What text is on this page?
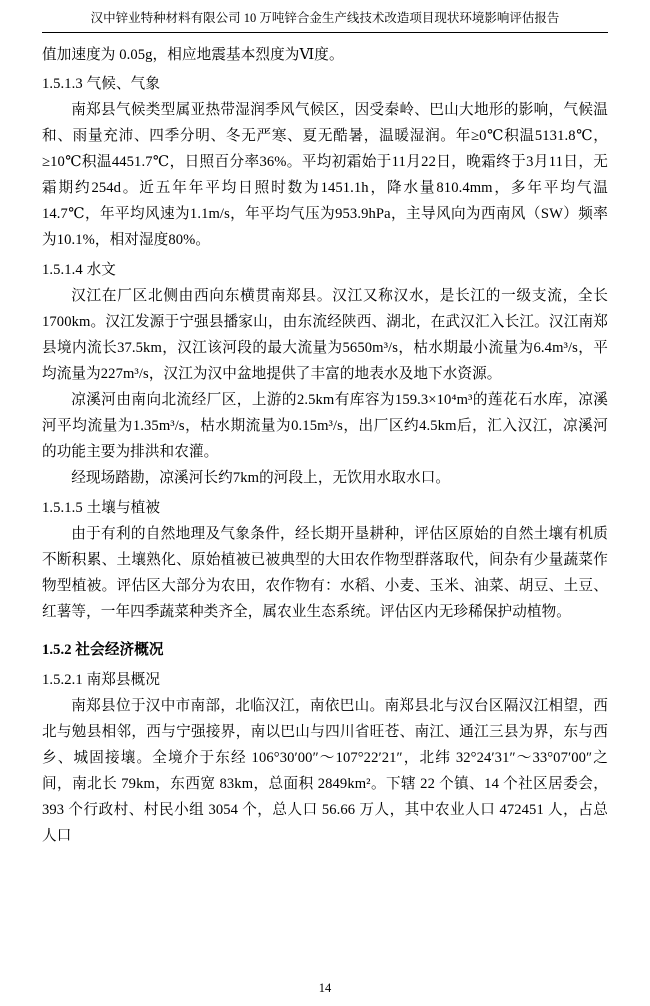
汉中锌业特种材料有限公司 10 万吨锌合金生产线技术改造项目现状环境影响评估报告

值加速度为 0.05g，相应地震基本烈度为Ⅵ度。

1.5.1.3 气候、气象

南郑县气候类型属亚热带湿润季风气候区，因受秦岭、巴山大地形的影响，气候温和、雨量充沛、四季分明、冬无严寒、夏无酷暑，温暖湿润。年≥0℃积温5131.8℃，≥10℃积温4451.7℃，日照百分率36%。平均初霜始于11月22日，晚霜终于3月11日，无霜期约254d。近五年年平均日照时数为1451.1h，降水量810.4mm，多年平均气温14.7℃，年平均风速为1.1m/s，年平均气压为953.9hPa，主导风向为西南风（SW）频率为10.1%，相对湿度80%。

1.5.1.4 水文

汉江在厂区北侧由西向东横贯南郑县。汉江又称汉水，是长江的一级支流，全长1700km。汉江发源于宁强县播家山，由东流经陕西、湖北，在武汉汇入长江。汉江南郑县境内流长37.5km，汉江该河段的最大流量为5650m³/s，枯水期最小流量为6.4m³/s，平均流量为227m³/s，汉江为汉中盆地提供了丰富的地表水及地下水资源。

凉溪河由南向北流经厂区，上游的2.5km有库容为159.3×10⁴m³的莲花石水库，凉溪河平均流量为1.35m³/s，枯水期流量为0.15m³/s，出厂区约4.5km后，汇入汉江，凉溪河的功能主要为排洪和农灌。

经现场踏勘，凉溪河长约7km的河段上，无饮用水取水口。

1.5.1.5 土壤与植被

由于有利的自然地理及气象条件，经长期开垦耕种，评估区原始的自然土壤有机质不断积累、土壤熟化、原始植被已被典型的大田农作物型群落取代，间杂有少量蔬菜作物型植被。评估区大部分为农田，农作物有：水稻、小麦、玉米、油菜、胡豆、土豆、红薯等，一年四季蔬菜种类齐全，属农业生态系统。评估区内无珍稀保护动植物。

1.5.2 社会经济概况

1.5.2.1 南郑县概况

南郑县位于汉中市南部，北临汉江，南依巴山。南郑县北与汉台区隔汉江相望，西北与勉县相邻，西与宁强接界，南以巴山与四川省旺苍、南江、通江三县为界，东与西乡、城固接壤。全境介于东经 106°30′00″～107°22′21″，北纬 32°24′31″～33°07′00″之间，南北长 79km，东西宽 83km，总面积 2849km²。下辖 22 个镇、14 个社区居委会，393 个行政村、村民小组 3054 个，总人口 56.66 万人，其中农业人口 472451 人，占总人口

14
